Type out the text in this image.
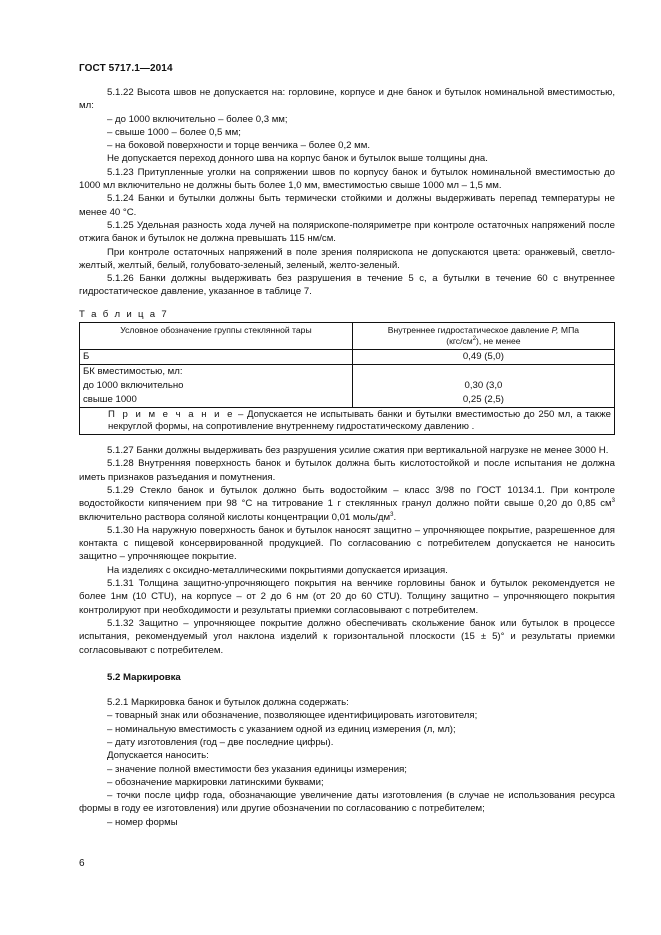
ГОСТ 5717.1—2014

5.1.22 Высота швов не допускается на: горловине, корпусе и дне банок и бутылок номинальной вместимостью, мл:

– до 1000 включительно – более 0,3 мм;

– свыше 1000 – более 0,5 мм;

– на боковой поверхности и торце венчика – более 0,2 мм.

Не допускается переход донного шва на корпус банок и бутылок выше толщины дна.

5.1.23 Притупленные уголки на сопряжении швов по корпусу банок и бутылок номинальной вместимостью до 1000 мл включительно не должны быть более 1,0 мм, вместимостью свыше 1000 мл – 1,5 мм.

5.1.24 Банки и бутылки должны быть термически стойкими и должны выдерживать перепад температуры не менее 40 °С.

5.1.25 Удельная разность хода лучей на полярископе-поляриметре при контроле остаточных напряжений после отжига банок и бутылок не должна превышать 115 нм/см.

При контроле остаточных напряжений в поле зрения полярископа не допускаются цвета: оранжевый, светло-желтый, желтый, белый, голубовато-зеленый, зеленый, желто-зеленый.

5.1.26 Банки должны выдерживать без разрушения в течение 5 с, а бутылки в течение 60 с внутреннее гидростатическое давление, указанное в таблице 7.

Т а б л и ц а 7
Условное обозначение группы стеклянной тары	Внутреннее гидростатическое давление P, МПа
$(кгс/см^2)$, не менее
Б	0,49 (5,0)
БК вместимостью, мл:	
до 1000 включительно	0,30 (3,0
свыше 1000	0,25 (2,5)
П р и м е ч а н и е – Допускается не испытывать банки и бутылки вместимостью до 250 мл, а также некруглой формы, на сопротивление внутреннему гидростатическому давлению .	

5.1.27 Банки должны выдерживать без разрушения усилие сжатия при вертикальной нагрузке не менее 3000 Н.

5.1.28 Внутренняя поверхность банок и бутылок должна быть кислотостойкой и после испытания не должна иметь признаков разъедания и помутнения.

5.1.29 Стекло банок и бутылок должно быть водостойким – класс 3/98 по ГОСТ 10134.1. При контроле водостойкости кипячением при 98 °С на титрование 1 г стеклянных гранул должно пойти свыше 0,20 до 0,85 $см^3$ включительно раствора соляной кислоты концентрации 0,01 моль/$дм^3$.

5.1.30 На наружную поверхность банок и бутылок наносят защитно – упрочняющее покрытие, разрешенное для контакта с пищевой консервированной продукцией. По согласованию с потребителем допускается не наносить защитно – упрочняющее покрытие.

На изделиях с оксидно-металлическими покрытиями допускается иризация.

5.1.31 Толщина защитно-упрочняющего покрытия на венчике горловины банок и бутылок рекомендуется не более 1нм (10 CTU), на корпусе – от 2 до 6 нм (от 20 до 60 CTU). Толщину защитно – упрочняющего покрытия контролируют при необходимости и результаты приемки согласовывают с потребителем.

5.1.32 Защитно – упрочняющее покрытие должно обеспечивать скольжение банок или бутылок в процессе испытания, рекомендуемый угол наклона изделий к горизонтальной плоскости (15 ± 5)° и результаты приемки согласовывают с потребителем.

5.2 Маркировка

5.2.1 Маркировка банок и бутылок должна содержать:

– товарный знак или обозначение, позволяющее идентифицировать изготовителя;

– номинальную вместимость с указанием одной из единиц измерения (л, мл);

– дату изготовления (год – две последние цифры).

Допускается наносить:

– значение полной вместимости без указания единицы измерения;

– обозначение маркировки латинскими буквами;

– точки после цифр года, обозначающие увеличение даты изготовления (в случае не использования ресурса формы в году ее изготовления) или другие обозначении по согласованию с потребителем;

– номер формы

6
